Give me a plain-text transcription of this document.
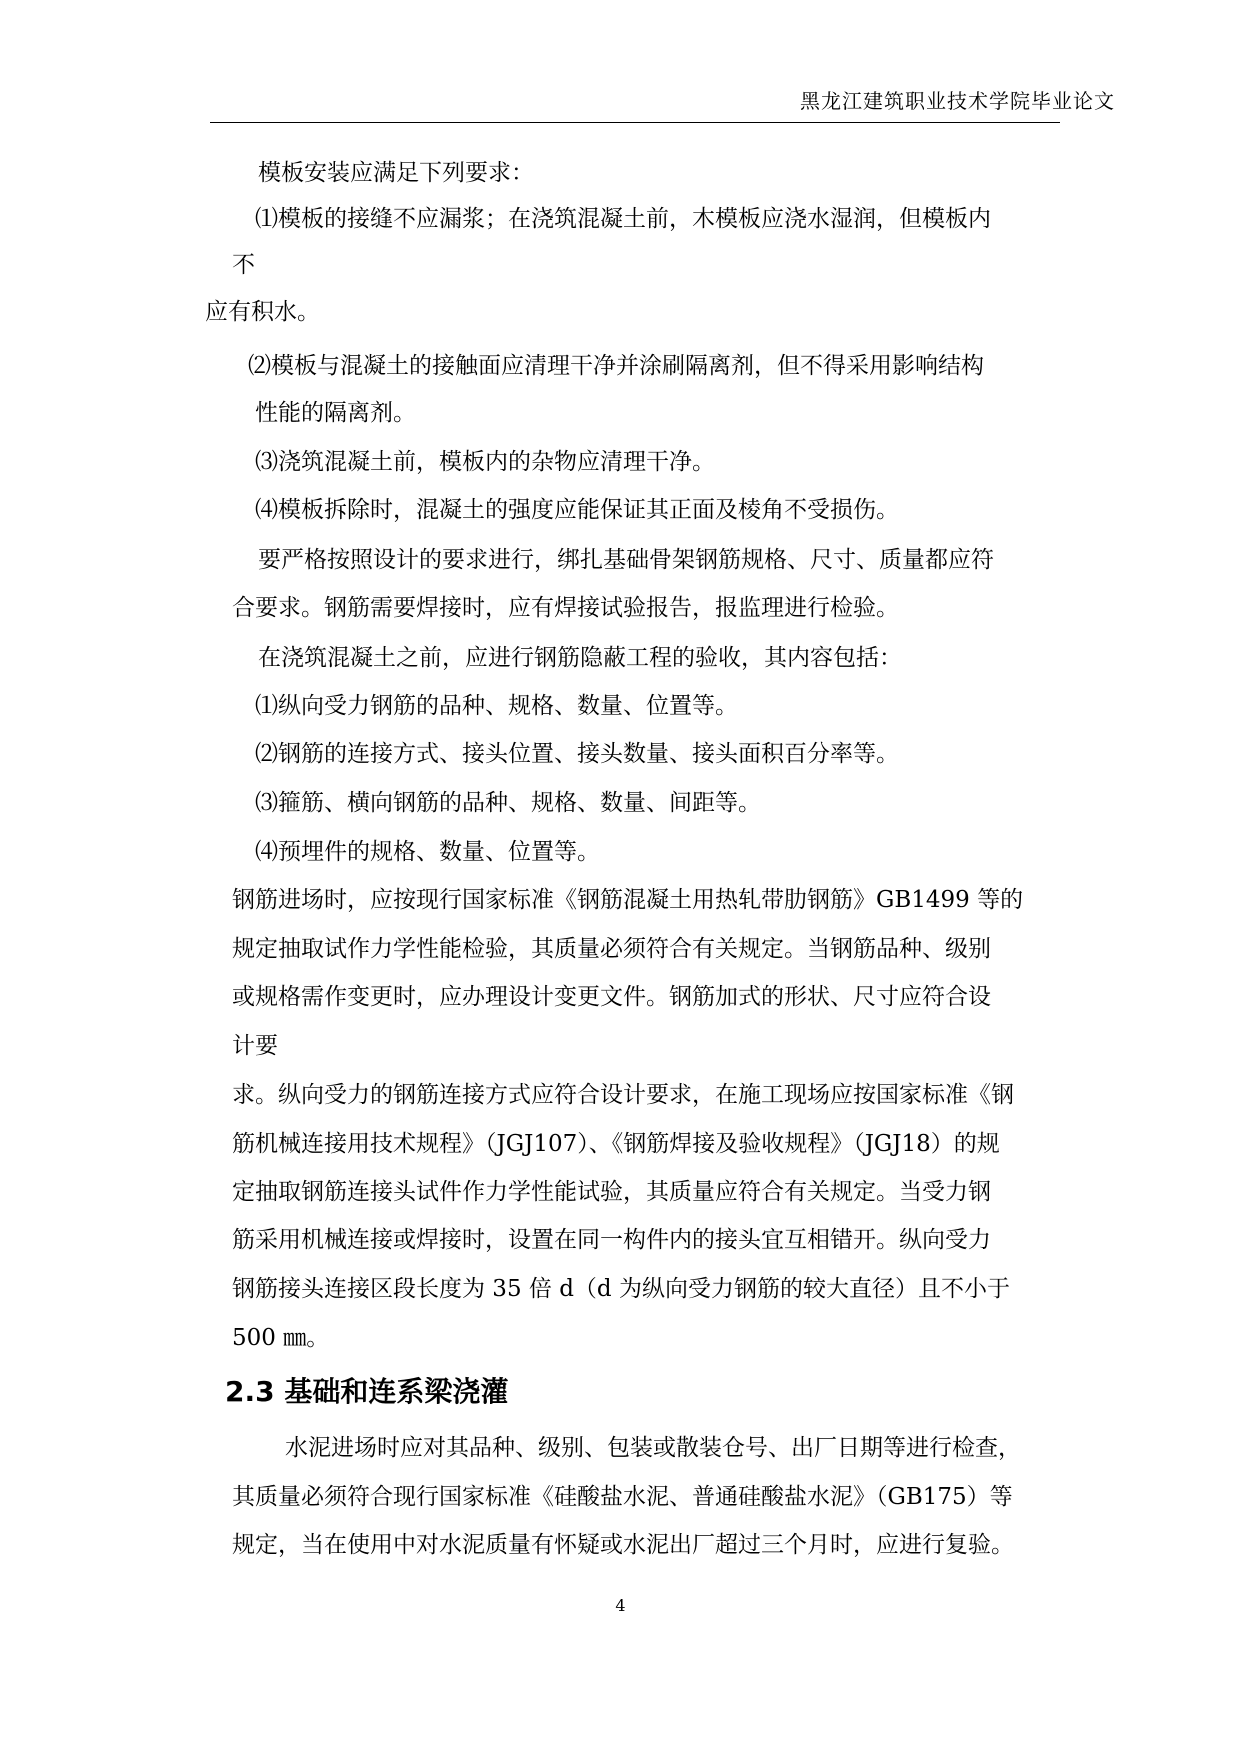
黑龙江建筑职业技术学院毕业论文
模板安装应满足下列要求：
⑴模板的接缝不应漏浆；在浇筑混凝土前，木模板应浇水湿润，但模板内
不
应有积水。
⑵模板与混凝土的接触面应清理干净并涂刷隔离剂，但不得采用影响结构
性能的隔离剂。
⑶浇筑混凝土前，模板内的杂物应清理干净。
⑷模板拆除时，混凝土的强度应能保证其正面及棱角不受损伤。
要严格按照设计的要求进行，绑扎基础骨架钢筋规格、尺寸、质量都应符
合要求。钢筋需要焊接时，应有焊接试验报告，报监理进行检验。
在浇筑混凝土之前，应进行钢筋隐蔽工程的验收，其内容包括：
⑴纵向受力钢筋的品种、规格、数量、位置等。
⑵钢筋的连接方式、接头位置、接头数量、接头面积百分率等。
⑶箍筋、横向钢筋的品种、规格、数量、间距等。
⑷预埋件的规格、数量、位置等。
钢筋进场时，应按现行国家标准《钢筋混凝土用热轧带肋钢筋》GB1499 等的
规定抽取试作力学性能检验，其质量必须符合有关规定。当钢筋品种、级别
或规格需作变更时，应办理设计变更文件。钢筋加式的形状、尺寸应符合设
计要
求。纵向受力的钢筋连接方式应符合设计要求，在施工现场应按国家标准《钢
筋机械连接用技术规程》（JGJ107）、《钢筋焊接及验收规程》（JGJ18）的规
定抽取钢筋连接头试件作力学性能试验，其质量应符合有关规定。当受力钢
筋采用机械连接或焊接时，设置在同一构件内的接头宜互相错开。纵向受力
钢筋接头连接区段长度为 35 倍 d（d 为纵向受力钢筋的较大直径）且不小于
500 ㎜。
2.3 基础和连系梁浇灌
水泥进场时应对其品种、级别、包装或散装仓号、出厂日期等进行检查，
其质量必须符合现行国家标准《硅酸盐水泥、普通硅酸盐水泥》（GB175）等
规定，当在使用中对水泥质量有怀疑或水泥出厂超过三个月时，应进行复验。
4
